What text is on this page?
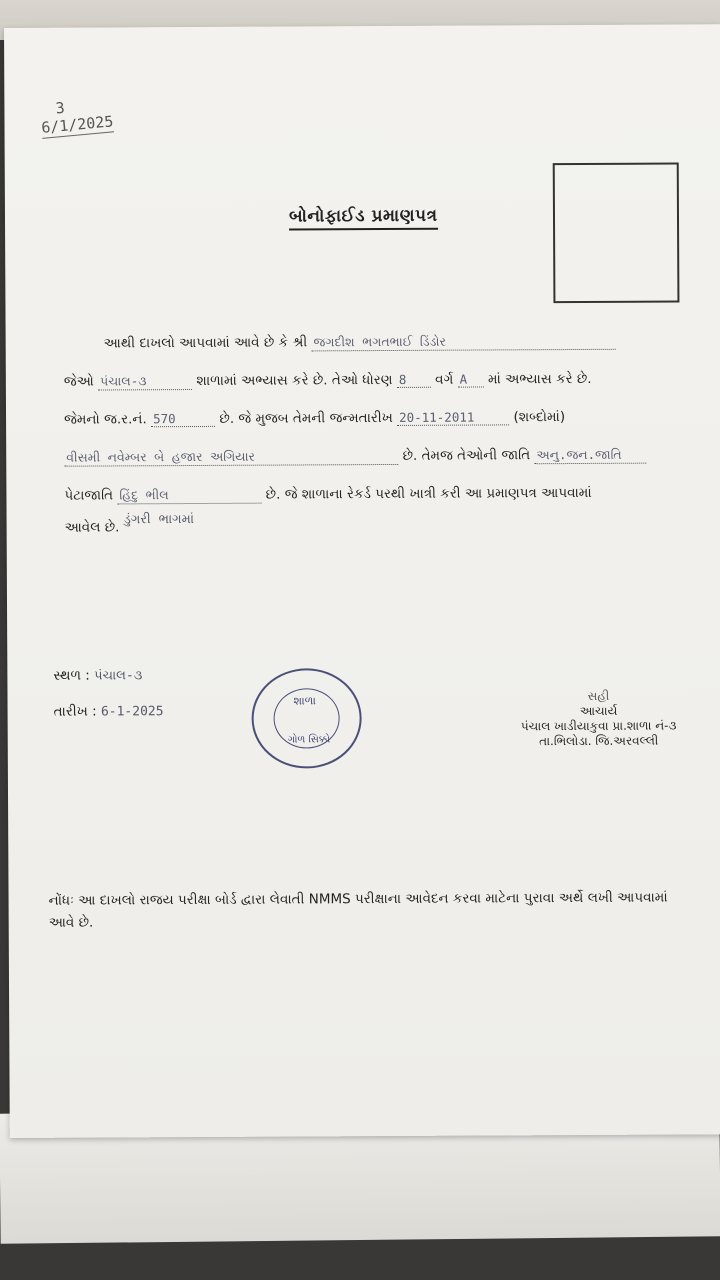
3
6/1/2025
બોનોફાઈડ પ્રમાણપત્ર
આથી દાખલો આપવામાં આવે છે કે શ્રી જગદીશ ભગતભાઈ ડિંડોર
જેઓ પંચાલ-૩	શાળામાં અભ્યાસ કરે છે. તેઓ ધોરણ 8 વર્ગ A માં અભ્યાસ કરે છે.
જેમનો જ.ર.નં. 570	છે. જે મુજબ તેમની જન્મતારીખ 20-11-2011	(શબ્દોમાં)
વીસમી નવેમ્બર બે હજાર અગિયાર	છે. તેમજ તેઓની જાતિ અનુ.જન.જાતિ
પેટાજાતિ હિંદુ ભીલ	છે. જે શાળાના રેકર્ડ પરથી ખાત્રી કરી આ પ્રમાણપત્ર આપવામાં
આવેલ છે. ડુંગરી ભાગમાં
શાળા
ગોળ સિક્કો
સ્થળ : પંચાલ-૩
તારીખ : 6-1-2025
સહી
આચાર્ય
પંચાલ ખાડીયાકુવા પ્રા.શાળા નં-૩
તા.ભિલોડા. જિ.અરવલ્લી
નોંધઃ આ દાખલો રાજય પરીક્ષા બોર્ડ દ્વારા લેવાતી NMMS પરીક્ષાના આવેદન કરવા માટેના પુરાવા અર્થે લખી આપવામાં આવે છે.
